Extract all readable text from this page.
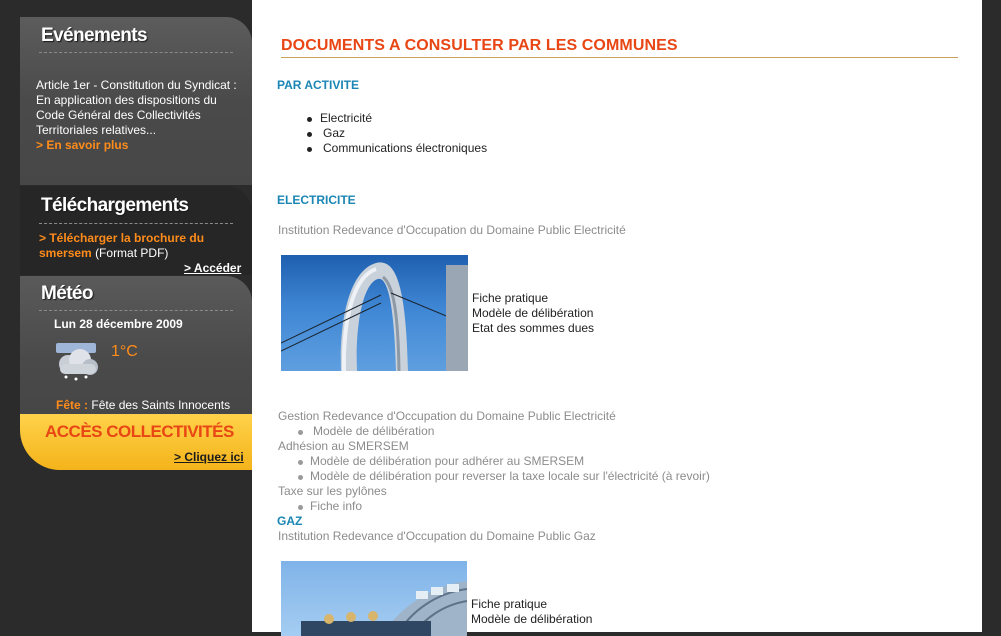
Evénements
Article 1er - Constitution du Syndicat : En application des dispositions du Code Général des Collectivités Territoriales relatives...
> En savoir plus
Téléchargements
> Télécharger la brochure du smersem (Format PDF)
> Accéder
Météo
Lun 28 décembre 2009
1°C
Fête : Fête des Saints Innocents
ACCÈS COLLECTIVITÉS
> Cliquez ici
DOCUMENTS A CONSULTER PAR LES COMMUNES
PAR ACTIVITE
Electricité
Gaz
Communications électroniques
ELECTRICITE
Institution Redevance d'Occupation du Domaine Public Electricité
Fiche pratique
Modèle de délibération
Etat des sommes dues
Gestion Redevance d'Occupation du Domaine Public Electricité
Modèle de délibération
Adhésion au SMERSEM
Modèle de délibération pour adhérer au SMERSEM
Modèle de délibération pour reverser la taxe locale sur l'électricité (à revoir)
Taxe sur les pylônes
Fiche info
GAZ
Institution Redevance d'Occupation du Domaine Public Gaz
Fiche pratique
Modèle de délibération
